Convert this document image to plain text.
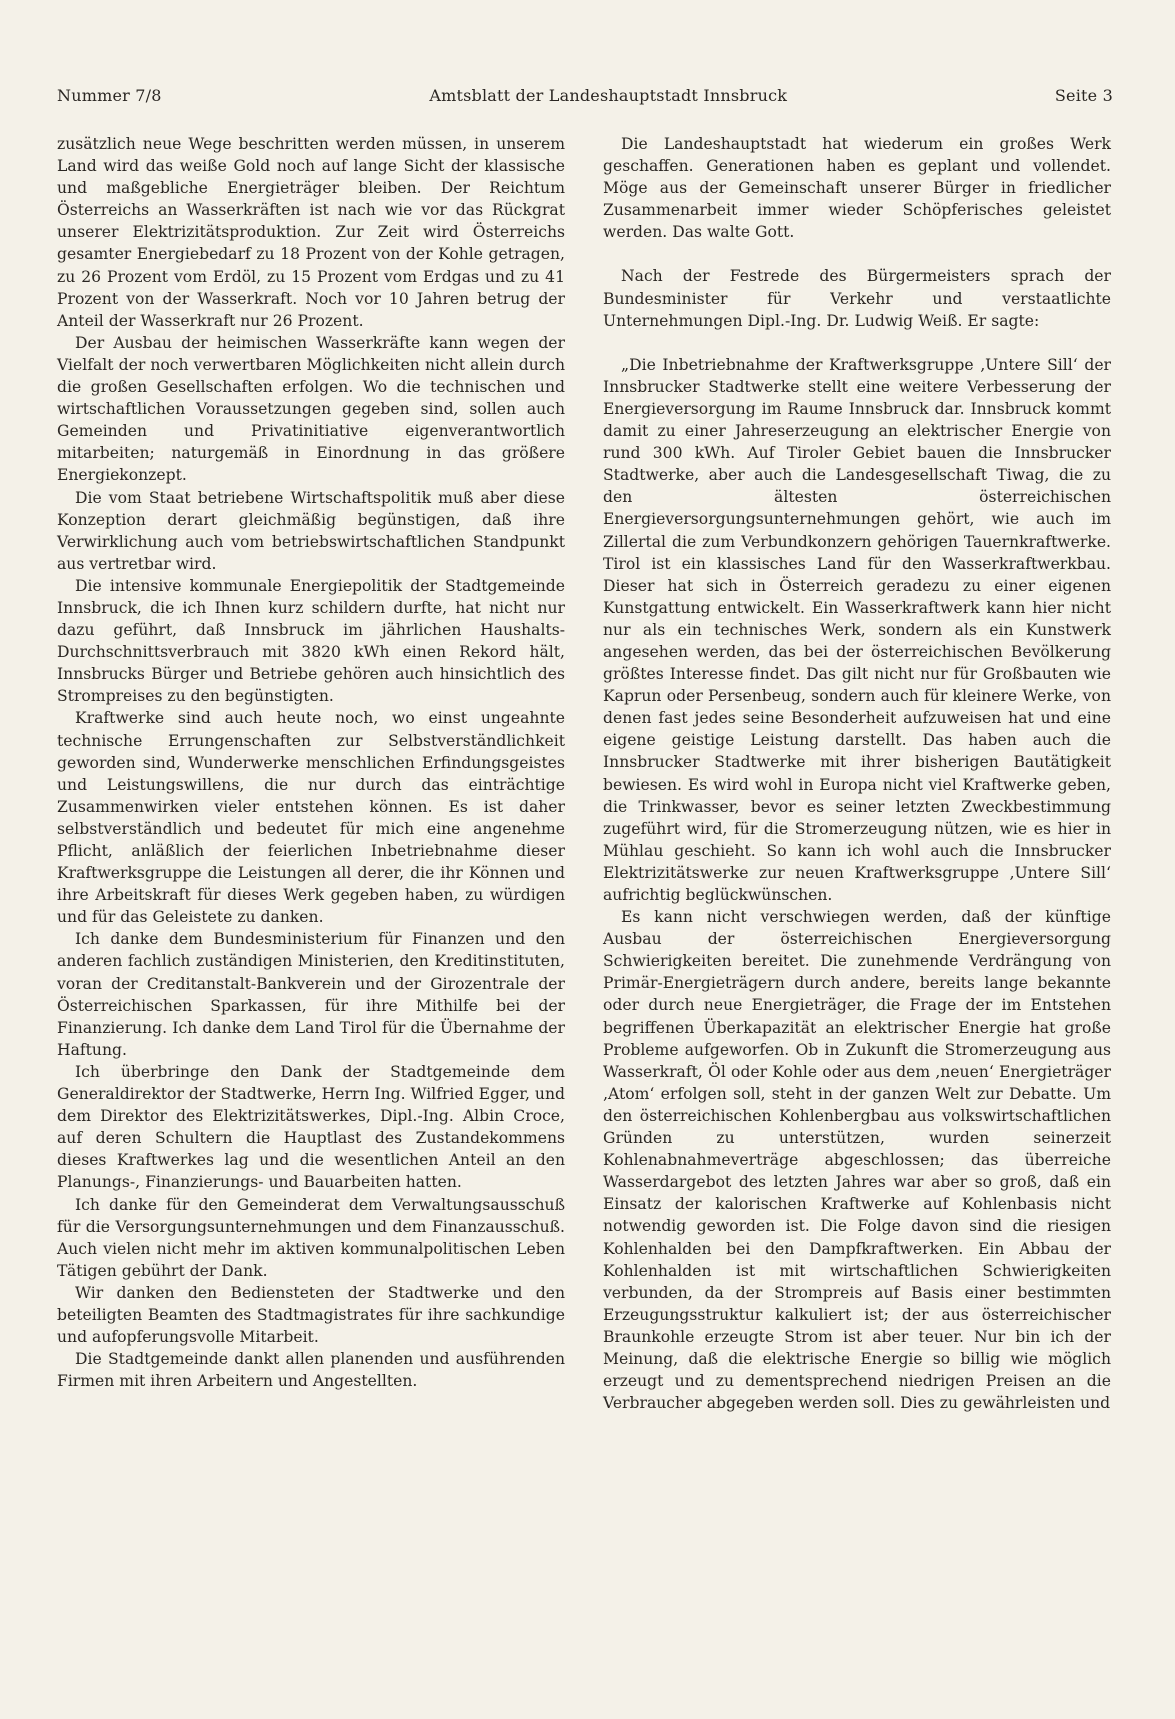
Nummer 7/8	Amtsblatt der Landeshauptstadt Innsbruck	Seite 3

zusätzlich neue Wege beschritten werden müssen, in unserem Land wird das weiße Gold noch auf lange Sicht der klassische und maßgebliche Energieträger bleiben. Der Reichtum Österreichs an Wasserkräften ist nach wie vor das Rückgrat unserer Elektrizitätsproduktion. Zur Zeit wird Österreichs gesamter Energiebedarf zu 18 Prozent von der Kohle getragen, zu 26 Prozent vom Erdöl, zu 15 Prozent vom Erdgas und zu 41 Prozent von der Wasserkraft. Noch vor 10 Jahren betrug der Anteil der Wasserkraft nur 26 Prozent.

Der Ausbau der heimischen Wasserkräfte kann wegen der Vielfalt der noch verwertbaren Möglichkeiten nicht allein durch die großen Gesellschaften erfolgen. Wo die technischen und wirtschaftlichen Voraussetzungen gegeben sind, sollen auch Gemeinden und Privatinitiative eigenverantwortlich mitarbeiten; naturgemäß in Einordnung in das größere Energiekonzept.

Die vom Staat betriebene Wirtschaftspolitik muß aber diese Konzeption derart gleichmäßig begünstigen, daß ihre Verwirklichung auch vom betriebswirtschaftlichen Standpunkt aus vertretbar wird.

Die intensive kommunale Energiepolitik der Stadtgemeinde Innsbruck, die ich Ihnen kurz schildern durfte, hat nicht nur dazu geführt, daß Innsbruck im jährlichen Haushalts-Durchschnittsverbrauch mit 3820 kWh einen Rekord hält, Innsbrucks Bürger und Betriebe gehören auch hinsichtlich des Strompreises zu den begünstigten.

Kraftwerke sind auch heute noch, wo einst ungeahnte technische Errungenschaften zur Selbstverständlichkeit geworden sind, Wunderwerke menschlichen Erfindungsgeistes und Leistungswillens, die nur durch das einträchtige Zusammenwirken vieler entstehen können. Es ist daher selbstverständlich und bedeutet für mich eine angenehme Pflicht, anläßlich der feierlichen Inbetriebnahme dieser Kraftwerksgruppe die Leistungen all derer, die ihr Können und ihre Arbeitskraft für dieses Werk gegeben haben, zu würdigen und für das Geleistete zu danken.

Ich danke dem Bundesministerium für Finanzen und den anderen fachlich zuständigen Ministerien, den Kreditinstituten, voran der Creditanstalt-Bankverein und der Girozentrale der Österreichischen Sparkassen, für ihre Mithilfe bei der Finanzierung. Ich danke dem Land Tirol für die Übernahme der Haftung.

Ich überbringe den Dank der Stadtgemeinde dem Generaldirektor der Stadtwerke, Herrn Ing. Wilfried Egger, und dem Direktor des Elektrizitätswerkes, Dipl.-Ing. Albin Croce, auf deren Schultern die Hauptlast des Zustandekommens dieses Kraftwerkes lag und die wesentlichen Anteil an den Planungs-, Finanzierungs- und Bauarbeiten hatten.

Ich danke für den Gemeinderat dem Verwaltungsausschuß für die Versorgungsunternehmungen und dem Finanzausschuß. Auch vielen nicht mehr im aktiven kommunalpolitischen Leben Tätigen gebührt der Dank.

Wir danken den Bediensteten der Stadtwerke und den beteiligten Beamten des Stadtmagistrates für ihre sachkundige und aufopferungsvolle Mitarbeit.

Die Stadtgemeinde dankt allen planenden und ausführenden Firmen mit ihren Arbeitern und Angestellten.

Die Landeshauptstadt hat wiederum ein großes Werk geschaffen. Generationen haben es geplant und vollendet. Möge aus der Gemeinschaft unserer Bürger in friedlicher Zusammenarbeit immer wieder Schöpferisches geleistet werden. Das walte Gott.

Nach der Festrede des Bürgermeisters sprach der Bundesminister für Verkehr und verstaatlichte Unternehmungen Dipl.-Ing. Dr. Ludwig Weiß. Er sagte:

„Die Inbetriebnahme der Kraftwerksgruppe ‚Untere Sill‘ der Innsbrucker Stadtwerke stellt eine weitere Verbesserung der Energieversorgung im Raume Innsbruck dar. Innsbruck kommt damit zu einer Jahreserzeugung an elektrischer Energie von rund 300 kWh. Auf Tiroler Gebiet bauen die Innsbrucker Stadtwerke, aber auch die Landesgesellschaft Tiwag, die zu den ältesten österreichischen Energieversorgungsunternehmungen gehört, wie auch im Zillertal die zum Verbundkonzern gehörigen Tauernkraftwerke. Tirol ist ein klassisches Land für den Wasserkraftwerkbau. Dieser hat sich in Österreich geradezu zu einer eigenen Kunstgattung entwickelt. Ein Wasserkraftwerk kann hier nicht nur als ein technisches Werk, sondern als ein Kunstwerk angesehen werden, das bei der österreichischen Bevölkerung größtes Interesse findet. Das gilt nicht nur für Großbauten wie Kaprun oder Persenbeug, sondern auch für kleinere Werke, von denen fast jedes seine Besonderheit aufzuweisen hat und eine eigene geistige Leistung darstellt. Das haben auch die Innsbrucker Stadtwerke mit ihrer bisherigen Bautätigkeit bewiesen. Es wird wohl in Europa nicht viel Kraftwerke geben, die Trinkwasser, bevor es seiner letzten Zweckbestimmung zugeführt wird, für die Stromerzeugung nützen, wie es hier in Mühlau geschieht. So kann ich wohl auch die Innsbrucker Elektrizitätswerke zur neuen Kraftwerksgruppe ‚Untere Sill‘ aufrichtig beglückwünschen.

Es kann nicht verschwiegen werden, daß der künftige Ausbau der österreichischen Energieversorgung Schwierigkeiten bereitet. Die zunehmende Verdrängung von Primär-Energieträgern durch andere, bereits lange bekannte oder durch neue Energieträger, die Frage der im Entstehen begriffenen Überkapazität an elektrischer Energie hat große Probleme aufgeworfen. Ob in Zukunft die Stromerzeugung aus Wasserkraft, Öl oder Kohle oder aus dem ‚neuen‘ Energieträger ‚Atom‘ erfolgen soll, steht in der ganzen Welt zur Debatte. Um den österreichischen Kohlenbergbau aus volkswirtschaftlichen Gründen zu unterstützen, wurden seinerzeit Kohlenabnahmeverträge abgeschlossen; das überreiche Wasserdargebot des letzten Jahres war aber so groß, daß ein Einsatz der kalorischen Kraftwerke auf Kohlenbasis nicht notwendig geworden ist. Die Folge davon sind die riesigen Kohlenhalden bei den Dampfkraftwerken. Ein Abbau der Kohlenhalden ist mit wirtschaftlichen Schwierigkeiten verbunden, da der Strompreis auf Basis einer bestimmten Erzeugungsstruktur kalkuliert ist; der aus österreichischer Braunkohle erzeugte Strom ist aber teuer. Nur bin ich der Meinung, daß die elektrische Energie so billig wie möglich erzeugt und zu dementsprechend niedrigen Preisen an die Verbraucher abgegeben werden soll. Dies zu gewährleisten und
